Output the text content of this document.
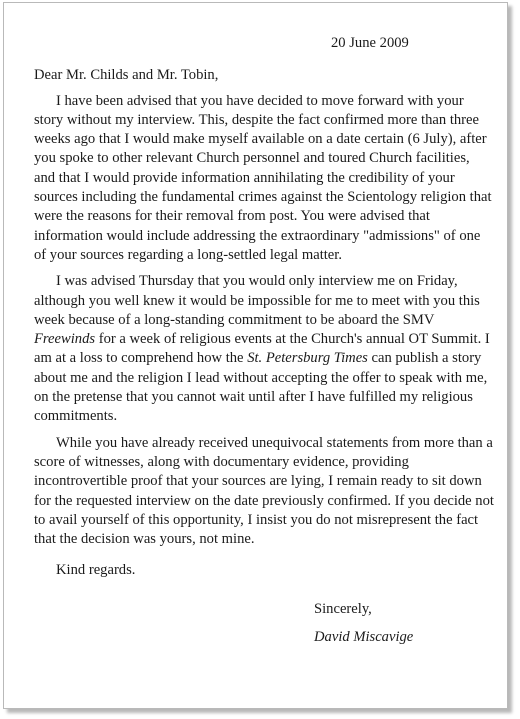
20 June 2009
Dear Mr. Childs and Mr. Tobin,

I have been advised that you have decided to move forward with your story without my interview. This, despite the fact confirmed more than three weeks ago that I would make myself available on a date certain (6 July), after you spoke to other relevant Church personnel and toured Church facilities, and that I would provide information annihilating the credibility of your sources including the fundamental crimes against the Scientology religion that were the reasons for their removal from post. You were advised that information would include addressing the extraordinary "admissions" of one of your sources regarding a long-settled legal matter.

I was advised Thursday that you would only interview me on Friday, although you well knew it would be impossible for me to meet with you this week because of a long-standing commitment to be aboard the SMV Freewinds for a week of religious events at the Church's annual OT Summit. I am at a loss to comprehend how the St. Petersburg Times can publish a story about me and the religion I lead without accepting the offer to speak with me, on the pretense that you cannot wait until after I have fulfilled my religious commitments.

While you have already received unequivocal statements from more than a score of witnesses, along with documentary evidence, providing incontrovertible proof that your sources are lying, I remain ready to sit down for the requested interview on the date previously confirmed. If you decide not to avail yourself of this opportunity, I insist you do not misrepresent the fact that the decision was yours, not mine.

Kind regards.
Sincerely,
David Miscavige
